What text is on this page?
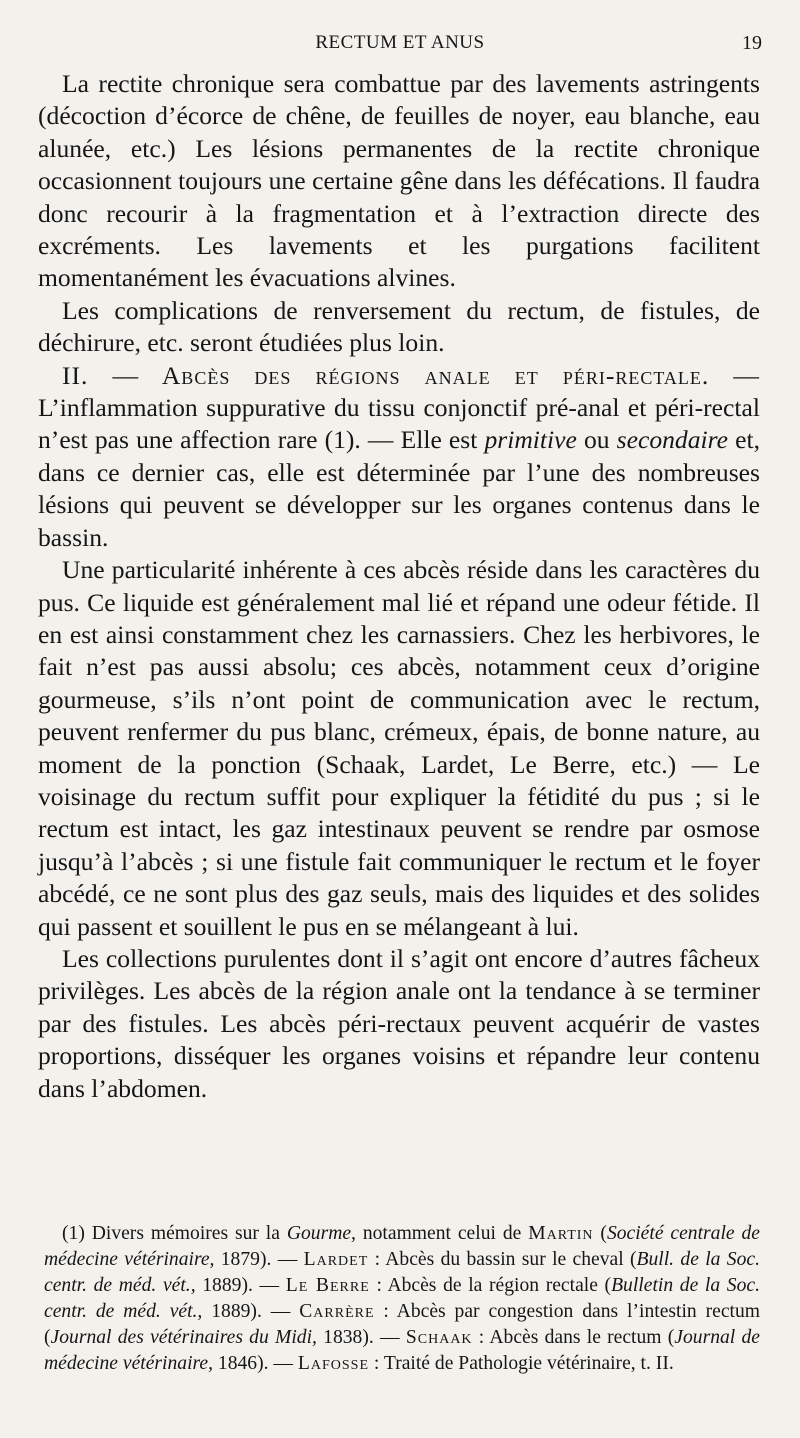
RECTUM ET ANUS	19

La rectite chronique sera combattue par des lavements astringents (décoction d’écorce de chêne, de feuilles de noyer, eau blanche, eau alunée, etc.) Les lésions permanentes de la rectite chronique occasionnent toujours une certaine gêne dans les défécations. Il faudra donc recourir à la fragmentation et à l’extraction directe des excréments. Les lavements et les purgations facilitent momentanément les évacuations alvines.

Les complications de renversement du rectum, de fistules, de déchirure, etc. seront étudiées plus loin.

II. — Abcès des régions anale et péri-rectale. — L’inflammation suppurative du tissu conjonctif pré-anal et péri-rectal n’est pas une affection rare (1). — Elle est primitive ou secondaire et, dans ce dernier cas, elle est déterminée par l’une des nombreuses lésions qui peuvent se développer sur les organes contenus dans le bassin.

Une particularité inhérente à ces abcès réside dans les caractères du pus. Ce liquide est généralement mal lié et répand une odeur fétide. Il en est ainsi constamment chez les carnassiers. Chez les herbivores, le fait n’est pas aussi absolu; ces abcès, notamment ceux d’origine gourmeuse, s’ils n’ont point de communication avec le rectum, peuvent renfermer du pus blanc, crémeux, épais, de bonne nature, au moment de la ponction (Schaak, Lardet, Le Berre, etc.) — Le voisinage du rectum suffit pour expliquer la fétidité du pus ; si le rectum est intact, les gaz intestinaux peuvent se rendre par osmose jusqu’à l’abcès ; si une fistule fait communiquer le rectum et le foyer abcédé, ce ne sont plus des gaz seuls, mais des liquides et des solides qui passent et souillent le pus en se mélangeant à lui.

Les collections purulentes dont il s’agit ont encore d’autres fâcheux privilèges. Les abcès de la région anale ont la tendance à se terminer par des fistules. Les abcès péri-rectaux peuvent acquérir de vastes proportions, disséquer les organes voisins et répandre leur contenu dans l’abdomen.

(1) Divers mémoires sur la Gourme, notamment celui de Martin (Société centrale de médecine vétérinaire, 1879). — Lardet : Abcès du bassin sur le cheval (Bull. de la Soc. centr. de méd. vét., 1889). — Le Berre : Abcès de la région rectale (Bulletin de la Soc. centr. de méd. vét., 1889). — Carrère : Abcès par congestion dans l’intestin rectum (Journal des vétérinaires du Midi, 1838). — Schaak : Abcès dans le rectum (Journal de médecine vétérinaire, 1846). — Lafosse : Traité de Pathologie vétérinaire, t. II.
